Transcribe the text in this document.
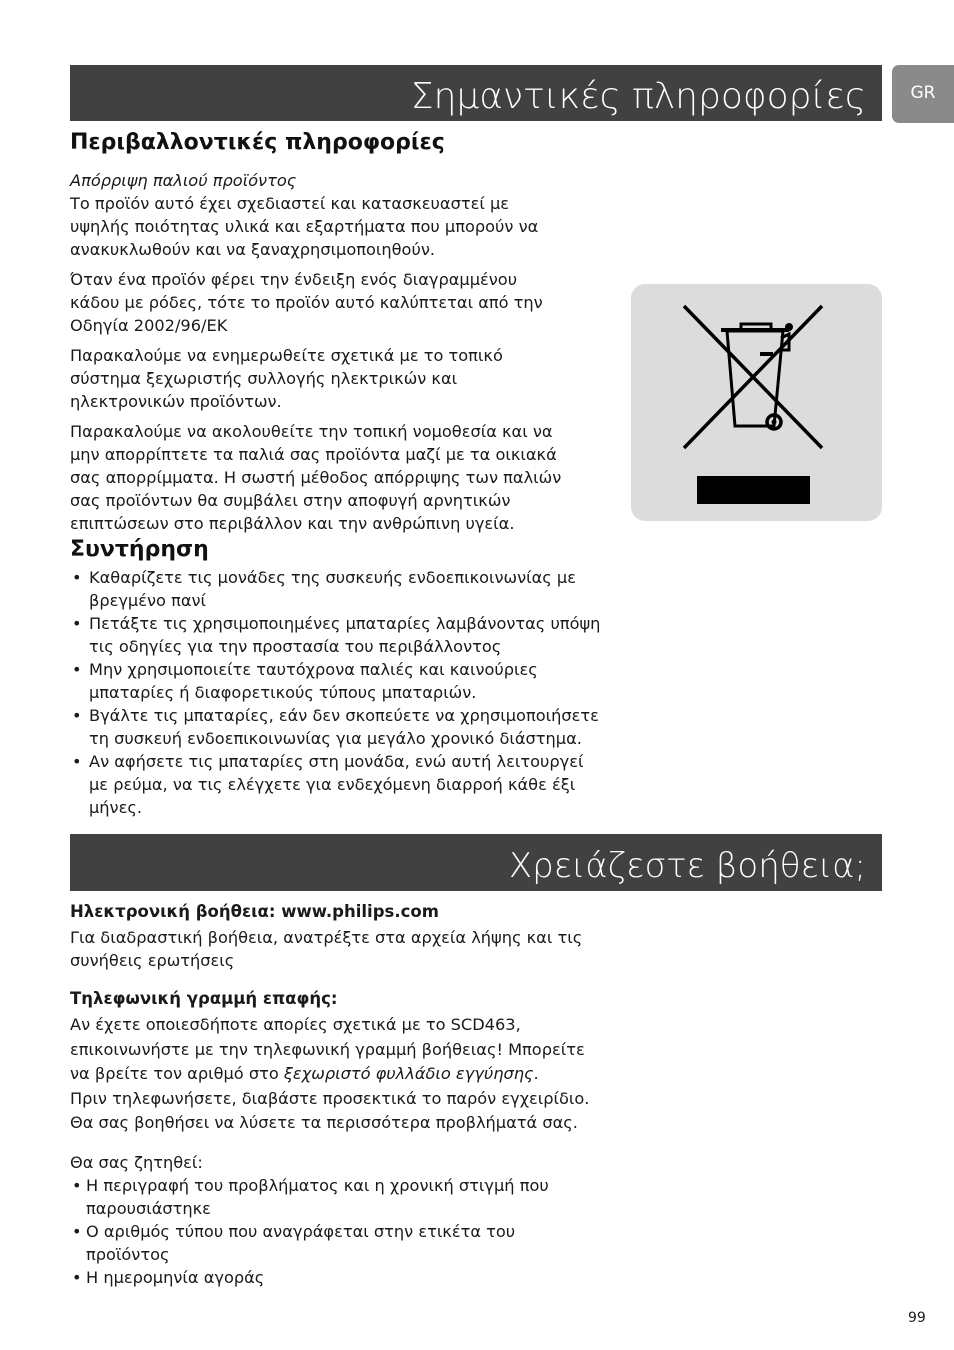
Σημαντικές πληροφορίες	GR
Περιβαλλοντικές πληροφορίες

Απόρριψη παλιού προϊόντος

Το προϊόν αυτό έχει σχεδιαστεί και κατασκευαστεί με
υψηλής ποιότητας υλικά και εξαρτήματα που μπορούν να
ανακυκλωθούν και να ξαναχρησιμοποιηθούν.

Όταν ένα προϊόν φέρει την ένδειξη ενός διαγραμμένου
κάδου με ρόδες, τότε το προϊόν αυτό καλύπτεται από την
Οδηγία 2002/96/ΕΚ

Παρακαλούμε να ενημερωθείτε σχετικά με το τοπικό
σύστημα ξεχωριστής συλλογής ηλεκτρικών και
ηλεκτρονικών προϊόντων.

Παρακαλούμε να ακολουθείτε την τοπική νομοθεσία και να
μην απορρίπτετε τα παλιά σας προϊόντα μαζί με τα οικιακά
σας απορρίμματα. Η σωστή μέθοδος απόρριψης των παλιών
σας προϊόντων θα συμβάλει στην αποφυγή αρνητικών
επιπτώσεων στο περιβάλλον και την ανθρώπινη υγεία.

Συντήρηση
• Καθαρίζετε τις μονάδες της συσκευής ενδοεπικοινωνίας με
βρεγμένο πανί
• Πετάξτε τις χρησιμοποιημένες μπαταρίες λαμβάνοντας υπόψη
τις οδηγίες για την προστασία του περιβάλλοντος
• Μην χρησιμοποιείτε ταυτόχρονα παλιές και καινούριες
μπαταρίες ή διαφορετικούς τύπους μπαταριών.
• Βγάλτε τις μπαταρίες, εάν δεν σκοπεύετε να χρησιμοποιήσετε
τη συσκευή ενδοεπικοινωνίας για μεγάλο χρονικό διάστημα.
• Αν αφήσετε τις μπαταρίες στη μονάδα, ενώ αυτή λειτουργεί
με ρεύμα, να τις ελέγχετε για ενδεχόμενη διαρροή κάθε έξι
μήνες.
Χρειάζεστε βοήθεια;
Ηλεκτρονική βοήθεια: www.philips.com
Για διαδραστική βοήθεια, ανατρέξτε στα αρχεία λήψης και τις
συνήθεις ερωτήσεις
Τηλεφωνική γραμμή επαφής:
Αν έχετε οποιεσδήποτε απορίες σχετικά με το SCD463,
επικοινωνήστε με την τηλεφωνική γραμμή βοήθειας! Μπορείτε
να βρείτε τον αριθμό στο ξεχωριστό φυλλάδιο εγγύησης.
Πριν τηλεφωνήσετε, διαβάστε προσεκτικά το παρόν εγχειρίδιο.
Θα σας βοηθήσει να λύσετε τα περισσότερα προβλήματά σας.

Θα σας ζητηθεί:

• Η περιγραφή του προβλήματος και η χρονική στιγμή που
παρουσιάστηκε
• Ο αριθμός τύπου που αναγράφεται στην ετικέτα του
προϊόντος
• Η ημερομηνία αγοράς
99
